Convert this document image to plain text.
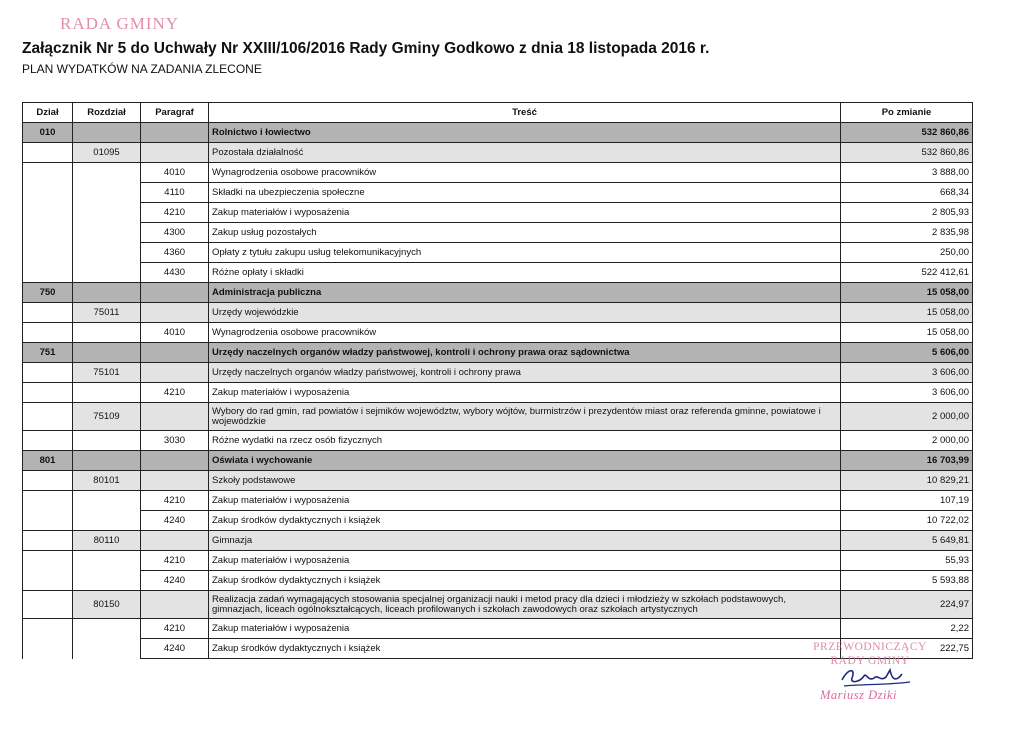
RADA GMINY
Załącznik Nr 5 do Uchwały Nr XXIII/106/2016 Rady Gminy Godkowo z dnia 18 listopada 2016 r.
PLAN WYDATKÓW NA ZADANIA ZLECONE
Dział	Rozdział	Paragraf	Treść	Po zmianie
010			Rolnictwo i łowiectwo	532 860,86
	01095		Pozostała działalność	532 860,86
		4010	Wynagrodzenia osobowe pracowników	3 888,00
		4110	Składki na ubezpieczenia społeczne	668,34
		4210	Zakup materiałów i wyposażenia	2 805,93
		4300	Zakup usług pozostałych	2 835,98
		4360	Opłaty z tytułu zakupu usług telekomunikacyjnych	250,00
		4430	Różne opłaty i składki	522 412,61
750			Administracja publiczna	15 058,00
	75011		Urzędy wojewódzkie	15 058,00
		4010	Wynagrodzenia osobowe pracowników	15 058,00
751			Urzędy naczelnych organów władzy państwowej, kontroli i ochrony prawa oraz sądownictwa	5 606,00
	75101		Urzędy naczelnych organów władzy państwowej, kontroli i ochrony prawa	3 606,00
		4210	Zakup materiałów i wyposażenia	3 606,00
	75109		Wybory do rad gmin, rad powiatów i sejmików województw, wybory wójtów, burmistrzów i prezydentów miast oraz referenda gminne, powiatowe i wojewódzkie	2 000,00
		3030	Różne wydatki na rzecz osób fizycznych	2 000,00
801			Oświata i wychowanie	16 703,99
	80101		Szkoły podstawowe	10 829,21
		4210	Zakup materiałów i wyposażenia	107,19
		4240	Zakup środków dydaktycznych i książek	10 722,02
	80110		Gimnazja	5 649,81
		4210	Zakup materiałów i wyposażenia	55,93
		4240	Zakup środków dydaktycznych i książek	5 593,88
	80150		Realizacja zadań wymagających stosowania specjalnej organizacji nauki i metod pracy dla dzieci i młodzieży w szkołach podstawowych, gimnazjach, liceach ogólnokształcących, liceach profilowanych i szkołach zawodowych oraz szkołach artystycznych	224,97
		4210	Zakup materiałów i wyposażenia	2,22
		4240	Zakup środków dydaktycznych i książek	222,75
PRZEWODNICZĄCY
RADY GMINY
Mariusz Dziki
